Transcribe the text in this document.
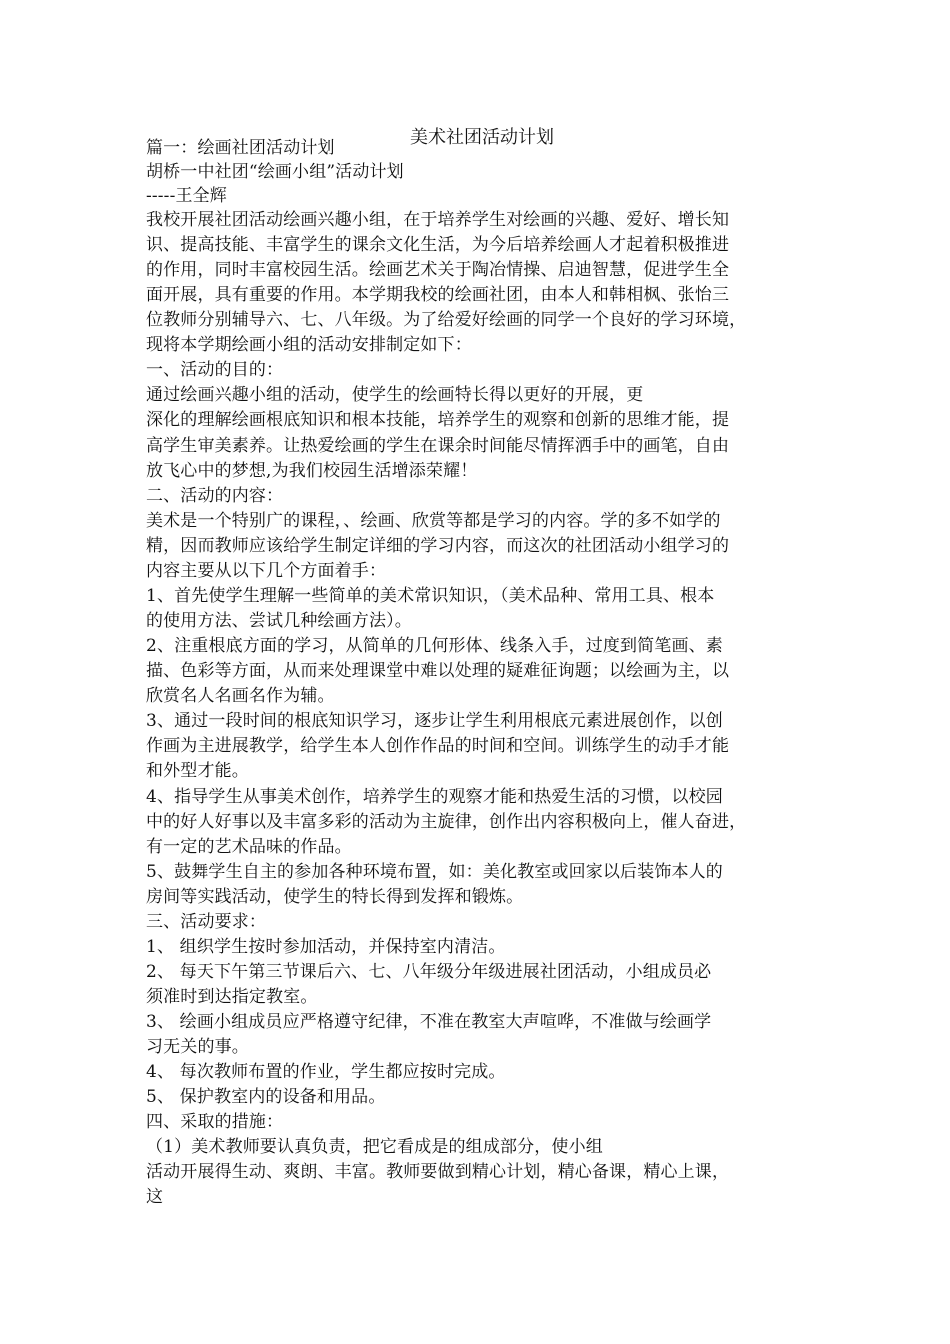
美术社团活动计划
篇一：绘画社团活动计划
胡桥一中社团“绘画小组”活动计划
-----王全辉
我校开展社团活动绘画兴趣小组，在于培养学生对绘画的兴趣、爱好、增长知
识、提高技能、丰富学生的课余文化生活，为今后培养绘画人才起着积极推进
的作用，同时丰富校园生活。绘画艺术关于陶冶情操、启迪智慧，促进学生全
面开展，具有重要的作用。本学期我校的绘画社团，由本人和韩相枫、张怡三
位教师分别辅导六、七、八年级。为了给爱好绘画的同学一个良好的学习环境，
现将本学期绘画小组的活动安排制定如下：
一、活动的目的：
通过绘画兴趣小组的活动，使学生的绘画特长得以更好的开展，更
深化的理解绘画根底知识和根本技能，培养学生的观察和创新的思维才能，提
高学生审美素养。让热爱绘画的学生在课余时间能尽情挥洒手中的画笔，自由
放飞心中的梦想,为我们校园生活增添荣耀！
二、活动的内容：
美术是一个特别广的课程，、绘画、欣赏等都是学习的内容。学的多不如学的
精，因而教师应该给学生制定详细的学习内容，而这次的社团活动小组学习的
内容主要从以下几个方面着手：
1、首先使学生理解一些简单的美术常识知识，（美术品种、常用工具、根本
的使用方法、尝试几种绘画方法）。
2、注重根底方面的学习，从简单的几何形体、线条入手，过度到简笔画、素
描、色彩等方面，从而来处理课堂中难以处理的疑难征询题；以绘画为主，以
欣赏名人名画名作为辅。
3、通过一段时间的根底知识学习，逐步让学生利用根底元素进展创作，以创
作画为主进展教学，给学生本人创作作品的时间和空间。训练学生的动手才能
和外型才能。
4、指导学生从事美术创作，培养学生的观察才能和热爱生活的习惯，以校园
中的好人好事以及丰富多彩的活动为主旋律，创作出内容积极向上，催人奋进，
有一定的艺术品味的作品。
5、鼓舞学生自主的参加各种环境布置，如：美化教室或回家以后装饰本人的
房间等实践活动，使学生的特长得到发挥和锻炼。
三、活动要求：
1、 组织学生按时参加活动，并保持室内清洁。
2、 每天下午第三节课后六、七、八年级分年级进展社团活动，小组成员必
须准时到达指定教室。
3、 绘画小组成员应严格遵守纪律，不准在教室大声喧哗，不准做与绘画学
习无关的事。
4、 每次教师布置的作业，学生都应按时完成。
5、 保护教室内的设备和用品。
四、采取的措施：
（1）美术教师要认真负责，把它看成是的组成部分，使小组
活动开展得生动、爽朗、丰富。教师要做到精心计划，精心备课，精心上课，
这
